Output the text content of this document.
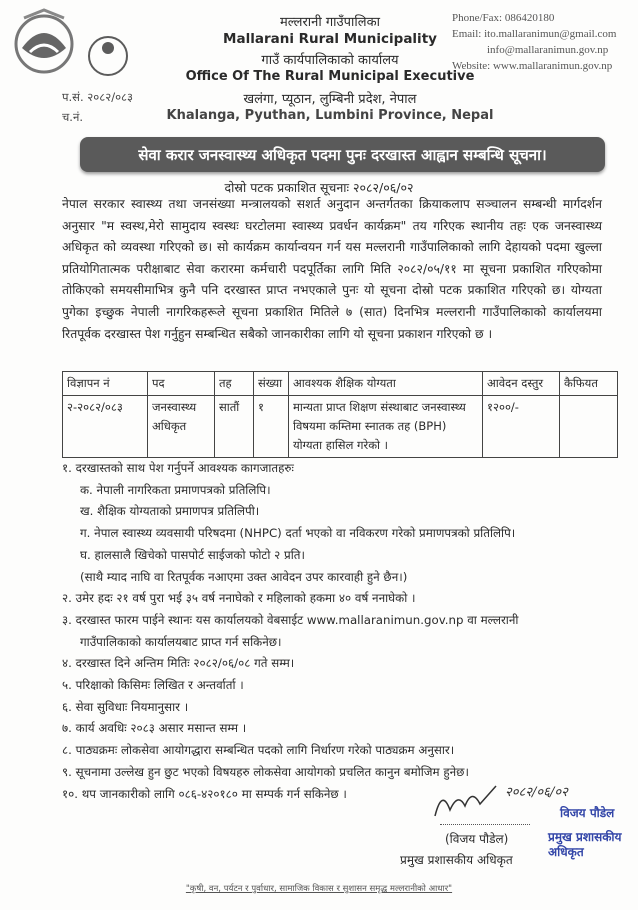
मल्लरानी गाउँपालिका
Mallarani Rural Municipality
गाउँ कार्यपालिकाको कार्यालय
Office Of The Rural Municipal Executive
खलंगा, प्यूठान, लुम्बिनी प्रदेश, नेपाल
Khalanga, Pyuthan, Lumbini Province, Nepal
प.सं. २०८२/०८३
च.नं.
Phone/Fax: 086420180
Email: ito.mallaranimun@gmail.com
info@mallaranimun.gov.np
Website: www.mallaranimun.gov.np
सेवा करार जनस्वास्थ्य अधिकृत पदमा पुनः दरखास्त आह्वान सम्बन्धि सूचना।
दोस्रो पटक प्रकाशित सूचनाः २०८२/०६/०२
नेपाल सरकार स्वास्थ्य तथा जनसंख्या मन्त्रालयको सशर्त अनुदान अन्तर्गतका क्रियाकलाप सञ्चालन सम्बन्धी मार्गदर्शन अनुसार "म स्वस्थ,मेरो सामुदाय स्वस्थः घरटोलमा स्वास्थ्य प्रवर्धन कार्यक्रम" तय गरिएक स्थानीय तहः एक जनस्वास्थ्य अधिकृत को व्यवस्था गरिएको छ। सो कार्यक्रम कार्यान्वयन गर्न यस मल्लरानी गाउँपालिकाको लागि देहायको पदमा खुल्ला प्रतियोगितात्मक परीक्षाबाट सेवा करारमा कर्मचारी पदपूर्तिका लागि मिति २०८२/०५/११ मा सूचना प्रकाशित गरिएकोमा तोकिएको समयसीमाभित्र कुनै पनि दरखास्त प्राप्त नभएकाले पुनः यो सूचना दोस्रो पटक प्रकाशित गरिएको छ। योग्यता पुगेका इच्छुक नेपाली नागरिकहरूले सूचना प्रकाशित मितिले ७ (सात) दिनभित्र मल्लरानी गाउँपालिकाको कार्यालयमा रितपूर्वक दरखास्त पेश गर्नुहुन सम्बन्धित सबैको जानकारीका लागि यो सूचना प्रकाशन गरिएको छ ।
विज्ञापन नं	पद	तह	संख्या	आवश्यक शैक्षिक योग्यता	आवेदन दस्तुर	कैफियत
२-२०८२/०८३	जनस्वास्थ्य अधिकृत	सातौं	१	मान्यता प्राप्त शिक्षण संस्थाबाट जनस्वास्थ्य विषयमा कम्तिमा स्नातक तह (BPH) योग्यता हासिल गरेको ।	१२००/-	
१. दरखास्तको साथ पेश गर्नुपर्ने आवश्यक कागजातहरुः
क. नेपाली नागरिकता प्रमाणपत्रको प्रतिलिपि।
ख. शैक्षिक योग्यताको प्रमाणपत्र प्रतिलिपी।
ग. नेपाल स्वास्थ्य व्यवसायी परिषदमा (NHPC) दर्ता भएको वा नविकरण गरेको प्रमाणपत्रको प्रतिलिपि।
घ. हालसालै खिचेको पासपोर्ट साईजको फोटो २ प्रति।
(साथै म्याद नाघि वा रितपूर्वक नआएमा उक्त आवेदन उपर कारवाही हुने छैन।)
२. उमेर हदः २१ वर्ष पुरा भई ३५ वर्ष ननाघेको र महिलाको हकमा ४० वर्ष ननाघेको ।
३. दरखास्त फारम पाईने स्थानः यस कार्यालयको वेबसाईट www.mallaranimun.gov.np वा मल्लरानी
गाउँपालिकाको कार्यालयबाट प्राप्त गर्न सकिनेछ।
४. दरखास्त दिने अन्तिम मितिः २०८२/०६/०८ गते सम्म।
५. परिक्षाको किसिमः लिखित र अन्तर्वार्ता ।
६. सेवा सुविधाः नियमानुसार ।
७. कार्य अवधिः २०८३ असार मसान्त सम्म ।
८. पाठ्यक्रमः लोकसेवा आयोगद्धारा सम्बन्धित पदको लागि निर्धारण गरेको पाठ्यक्रम अनुसार।
९. सूचनामा उल्लेख हुन छुट भएको विषयहरु लोकसेवा आयोगको प्रचलित कानुन बमोजिम हुनेछ।
१०. थप जानकारीको लागि ०८६-४२०१८० मा सम्पर्क गर्न सकिनेछ ।	२०८२/०६/०२
विजय पौडेल
प्रमुख प्रशासकीय अधिकृत
(विजय पौडेल)
प्रमुख प्रशासकीय अधिकृत
"कृषी, वन, पर्यटन र पुर्वाधार, सामाजिक विकास र सुशासन समृद्ध मल्लरानीको आधार"
